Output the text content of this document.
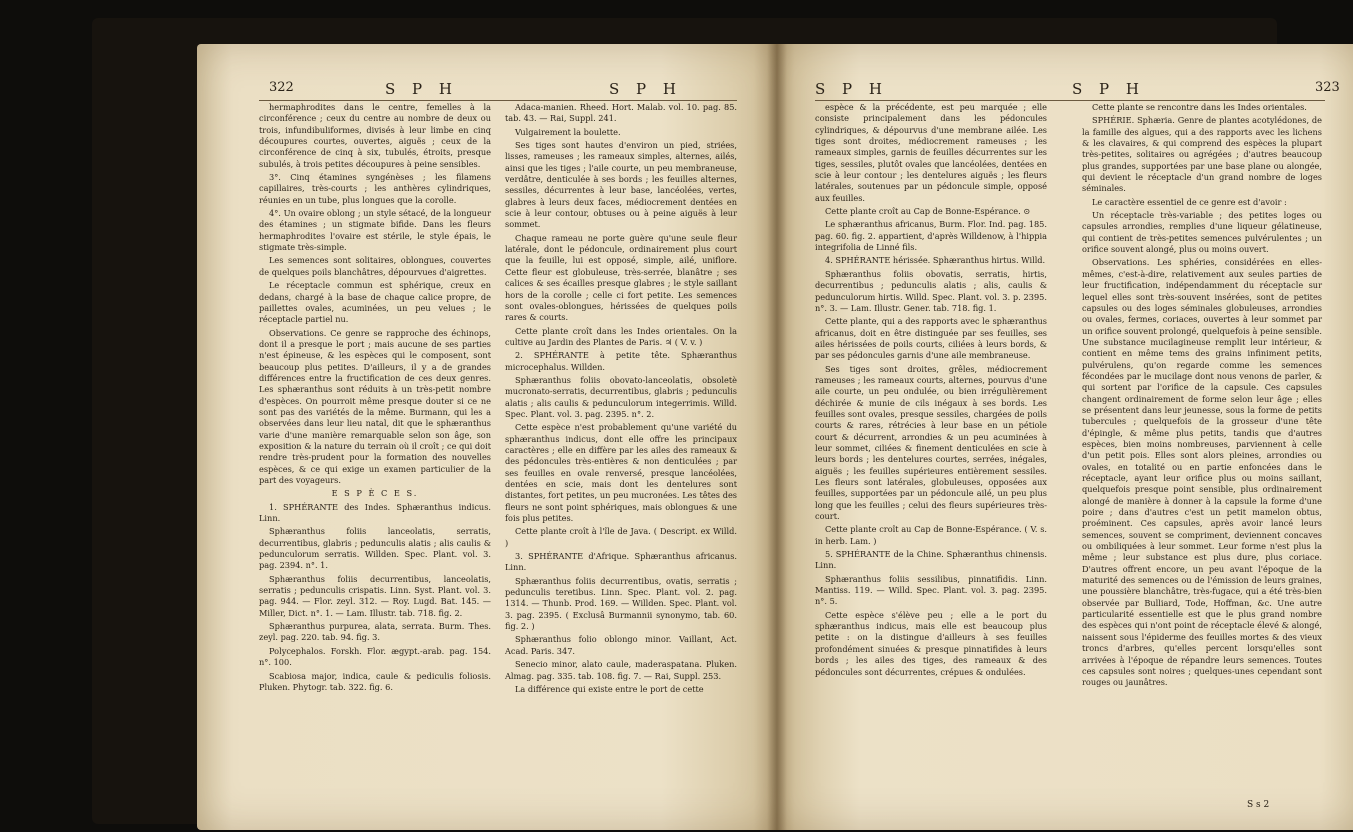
322	S P H	S P H

hermaphrodites dans le centre, femelles à la circonférence ; ceux du centre au nombre de deux ou trois, infundibuliformes, divisés à leur limbe en cinq découpures courtes, ouvertes, aiguës ; ceux de la circonférence de cinq à six, tubulés, étroits, presque subulés, à trois petites découpures à peine sensibles.

3°. Cinq étamines syngénèses ; les filamens capillaires, très-courts ; les anthères cylindriques, réunies en un tube, plus longues que la corolle.

4°. Un ovaire oblong ; un style sétacé, de la longueur des étamines ; un stigmate bifide. Dans les fleurs hermaphrodites l'ovaire est stérile, le style épais, le stigmate très-simple.

Les semences sont solitaires, oblongues, couvertes de quelques poils blanchâtres, dépourvues d'aigrettes.

Le réceptacle commun est sphérique, creux en dedans, chargé à la base de chaque calice propre, de paillettes ovales, acuminées, un peu velues ; le réceptacle partiel nu.

Observations. Ce genre se rapproche des échinops, dont il a presque le port ; mais aucune de ses parties n'est épineuse, & les espèces qui le composent, sont beaucoup plus petites. D'ailleurs, il y a de grandes différences entre la fructification de ces deux genres. Les sphæranthus sont réduits à un très-petit nombre d'espèces. On pourroit même presque douter si ce ne sont pas des variétés de la même. Burmann, qui les a observées dans leur lieu natal, dit que le sphæranthus varie d'une manière remarquable selon son âge, son exposition & la nature du terrain où il croît ; ce qui doit rendre très-prudent pour la formation des nouvelles espèces, & ce qui exige un examen particulier de la part des voyageurs.

E S P È C E S.

1. SPHÉRANTE des Indes. Sphæranthus indicus. Linn.

Sphæranthus foliis lanceolatis, serratis, decurrentibus, glabris ; pedunculis alatis ; alis caulis & pedunculorum serratis. Willden. Spec. Plant. vol. 3. pag. 2394. n°. 1.

Sphæranthus foliis decurrentibus, lanceolatis, serratis ; pedunculis crispatis. Linn. Syst. Plant. vol. 3. pag. 944. — Flor. zeyl. 312. — Roy. Lugd. Bat. 145. — Miller, Dict. n°. 1. — Lam. Illustr. tab. 718. fig. 2.

Sphæranthus purpurea, alata, serrata. Burm. Thes. zeyl. pag. 220. tab. 94. fig. 3.

Polycephalos. Forskh. Flor. ægypt.-arab. pag. 154. n°. 100.

Scabiosa major, indica, caule & pediculis foliosis. Pluken. Phytogr. tab. 322. fig. 6.

Adaca-manien. Rheed. Hort. Malab. vol. 10. pag. 85. tab. 43. — Rai, Suppl. 241.

Vulgairement la boulette.

Ses tiges sont hautes d'environ un pied, striées, lisses, rameuses ; les rameaux simples, alternes, ailés, ainsi que les tiges ; l'aile courte, un peu membraneuse, verdâtre, denticulée à ses bords ; les feuilles alternes, sessiles, décurrentes à leur base, lancéolées, vertes, glabres à leurs deux faces, médiocrement dentées en scie à leur contour, obtuses ou à peine aiguës à leur sommet.

Chaque rameau ne porte guère qu'une seule fleur latérale, dont le pédoncule, ordinairement plus court que la feuille, lui est opposé, simple, ailé, uniflore. Cette fleur est globuleuse, très-serrée, blanâtre ; ses calices & ses écailles presque glabres ; le style saillant hors de la corolle ; celle ci fort petite. Les semences sont ovales-oblongues, hérissées de quelques poils rares & courts.

Cette plante croît dans les Indes orientales. On la cultive au Jardin des Plantes de Paris. ♃ ( V. v. )

2. SPHÉRANTE à petite tête. Sphæranthus microcephalus. Willden.

Sphæranthus foliis obovato-lanceolatis, obsoletè mucronato-serratis, decurrentibus, glabris ; pedunculis alatis ; alis caulis & pedunculorum integerrimis. Willd. Spec. Plant. vol. 3. pag. 2395. n°. 2.

Cette espèce n'est probablement qu'une variété du sphæranthus indicus, dont elle offre les principaux caractères ; elle en diffère par les ailes des rameaux & des pédoncules très-entières & non denticulées ; par ses feuilles en ovale renversé, presque lancéolées, dentées en scie, mais dont les dentelures sont distantes, fort petites, un peu mucronées. Les têtes des fleurs ne sont point sphériques, mais oblongues & une fois plus petites.

Cette plante croît à l'île de Java. ( Descript. ex Willd. )

3. SPHÉRANTE d'Afrique. Sphæranthus africanus. Linn.

Sphæranthus foliis decurrentibus, ovatis, serratis ; pedunculis teretibus. Linn. Spec. Plant. vol. 2. pag. 1314. — Thunb. Prod. 169. — Willden. Spec. Plant. vol. 3. pag. 2395. ( Exclusâ Burmannii synonymo, tab. 60. fig. 2. )

Sphæranthus folio oblongo minor. Vaillant, Act. Acad. Paris. 347.

Senecio minor, alato caule, maderaspatana. Pluken. Almag. pag. 335. tab. 108. fig. 7. — Rai, Suppl. 253.

La différence qui existe entre le port de cette

S P H	S P H	323

espèce & la précédente, est peu marquée ; elle consiste principalement dans les pédoncules cylindriques, & dépourvus d'une membrane ailée. Les tiges sont droites, médiocrement rameuses ; les rameaux simples, garnis de feuilles décurrentes sur les tiges, sessiles, plutôt ovales que lancéolées, dentées en scie à leur contour ; les dentelures aiguës ; les fleurs latérales, soutenues par un pédoncule simple, opposé aux feuilles.

Cette plante croît au Cap de Bonne-Espérance. ⊙

Le sphæranthus africanus, Burm. Flor. Ind. pag. 185. pag. 60. fig. 2. appartient, d'après Willdenow, à l'hippia integrifolia de Linné fils.

4. SPHÉRANTE hérissée. Sphæranthus hirtus. Willd.

Sphæranthus foliis obovatis, serratis, hirtis, decurrentibus ; pedunculis alatis ; alis, caulis & pedunculorum hirtis. Willd. Spec. Plant. vol. 3. p. 2395. n°. 3. — Lam. Illustr. Gener. tab. 718. fig. 1.

Cette plante, qui a des rapports avec le sphæranthus africanus, doit en être distinguée par ses feuilles, ses ailes hérissées de poils courts, ciliées à leurs bords, & par ses pédoncules garnis d'une aile membraneuse.

Ses tiges sont droites, grêles, médiocrement rameuses ; les rameaux courts, alternes, pourvus d'une aile courte, un peu ondulée, ou bien irrégulièrement déchirée & munie de cils inégaux à ses bords. Les feuilles sont ovales, presque sessiles, chargées de poils courts & rares, rétrécies à leur base en un pétiole court & décurrent, arrondies & un peu acuminées à leur sommet, ciliées & finement denticulées en scie à leurs bords ; les dentelures courtes, serrées, inégales, aiguës ; les feuilles supérieures entièrement sessiles. Les fleurs sont latérales, globuleuses, opposées aux feuilles, supportées par un pédoncule ailé, un peu plus long que les feuilles ; celui des fleurs supérieures très-court.

Cette plante croît au Cap de Bonne-Espérance. ( V. s. in herb. Lam. )

5. SPHÉRANTE de la Chine. Sphæranthus chinensis. Linn.

Sphæranthus foliis sessilibus, pinnatifidis. Linn. Mantiss. 119. — Willd. Spec. Plant. vol. 3. pag. 2395. n°. 5.

Cette espèce s'élève peu ; elle a le port du sphæranthus indicus, mais elle est beaucoup plus petite : on la distingue d'ailleurs à ses feuilles profondément sinuées & presque pinnatifides à leurs bords ; les ailes des tiges, des rameaux & des pédoncules sont décurrentes, crépues & ondulées.

Cette plante se rencontre dans les Indes orientales.

SPHÉRIE. Sphæria. Genre de plantes acotylédones, de la famille des algues, qui a des rapports avec les lichens & les clavaires, & qui comprend des espèces la plupart très-petites, solitaires ou agrégées ; d'autres beaucoup plus grandes, supportées par une base plane ou alongée, qui devient le réceptacle d'un grand nombre de loges séminales.

Le caractère essentiel de ce genre est d'avoir :

Un réceptacle très-variable ; des petites loges ou capsules arrondies, remplies d'une liqueur gélatineuse, qui contient de très-petites semences pulvérulentes ; un orifice souvent alongé, plus ou moins ouvert.

Observations. Les sphéries, considérées en elles-mêmes, c'est-à-dire, relativement aux seules parties de leur fructification, indépendamment du réceptacle sur lequel elles sont très-souvent insérées, sont de petites capsules ou des loges séminales globuleuses, arrondies ou ovales, fermes, coriaces, ouvertes à leur sommet par un orifice souvent prolongé, quelquefois à peine sensible. Une substance mucilagineuse remplit leur intérieur, & contient en même tems des grains infiniment petits, pulvérulens, qu'on regarde comme les semences fécondées par le mucilage dont nous venons de parler, & qui sortent par l'orifice de la capsule. Ces capsules changent ordinairement de forme selon leur âge ; elles se présentent dans leur jeunesse, sous la forme de petits tubercules ; quelquefois de la grosseur d'une tête d'épingle, & même plus petits, tandis que d'autres espèces, bien moins nombreuses, parviennent à celle d'un petit pois. Elles sont alors pleines, arrondies ou ovales, en totalité ou en partie enfoncées dans le réceptacle, ayant leur orifice plus ou moins saillant, quelquefois presque point sensible, plus ordinairement alongé de manière à donner à la capsule la forme d'une poire ; dans d'autres c'est un petit mamelon obtus, proéminent. Ces capsules, après avoir lancé leurs semences, souvent se compriment, deviennent concaves ou ombiliquées à leur sommet. Leur forme n'est plus la même ; leur substance est plus dure, plus coriace. D'autres offrent encore, un peu avant l'époque de la maturité des semences ou de l'émission de leurs graines, une poussière blanchâtre, très-fugace, qui a été très-bien observée par Bulliard, Tode, Hoffman, &c. Une autre particularité essentielle est que le plus grand nombre des espèces qui n'ont point de réceptacle élevé & alongé, naissent sous l'épiderme des feuilles mortes & des vieux troncs d'arbres, qu'elles percent lorsqu'elles sont arrivées à l'époque de répandre leurs semences. Toutes ces capsules sont noires ; quelques-unes cependant sont rouges ou jaunâtres.

S s 2
